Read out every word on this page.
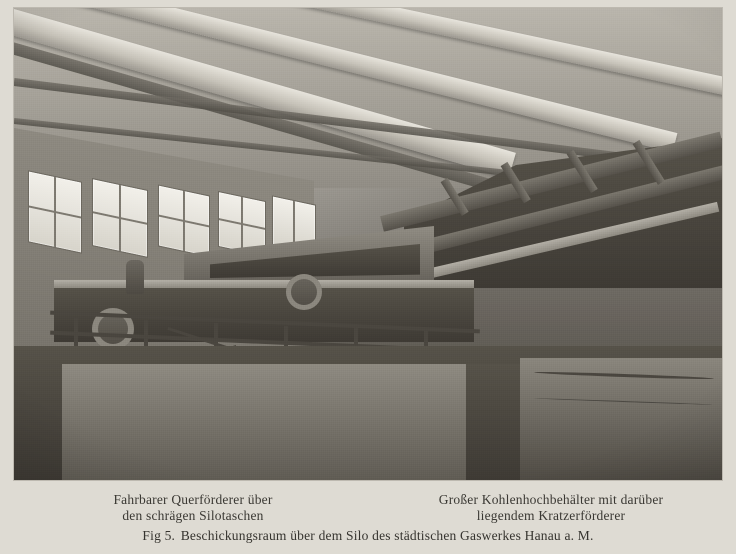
Fahrbarer Querförderer über
den schrägen Silotaschen
Großer Kohlenhochbehälter mit darüber
liegendem Kratzerförderer
Fig 5. Beschickungsraum über dem Silo des städtischen Gaswerkes Hanau a. M.
